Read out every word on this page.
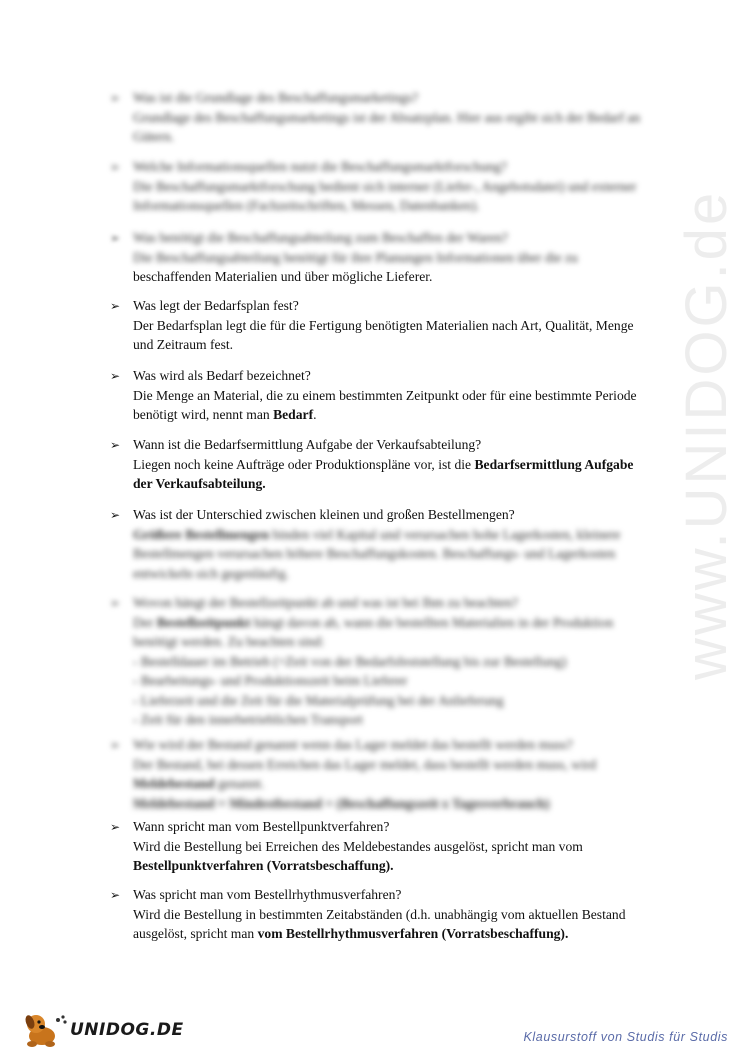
www.UNIDOG.de
➢ Was ist die Grundlage des Beschaffungsmarketings?
Grundlage des Beschaffungsmarketings ist der Absatzplan. Hier aus ergibt sich der Bedarf an Gütern.
➢ Welche Informationsquellen nutzt die Beschaffungsmarktforschung?
Die Beschaffungsmarktforschung bedient sich interner (Liefer-, Angebotsdatei) und externer Informationsquellen (Fachzeitschriften, Messen, Datenbanken).
➢ Was benötigt die Beschaffungsabteilung zum Beschaffen der Waren?
Die Beschaffungsabteilung benötigt für ihre Planungen Informationen über die zu
beschaffenden Materialien und über mögliche Lieferer.
➢ Was legt der Bedarfsplan fest?
Der Bedarfsplan legt die für die Fertigung benötigten Materialien nach Art, Qualität, Menge und Zeitraum fest.
➢ Was wird als Bedarf bezeichnet?
Die Menge an Material, die zu einem bestimmten Zeitpunkt oder für eine bestimmte Periode benötigt wird, nennt man Bedarf.
➢ Wann ist die Bedarfsermittlung Aufgabe der Verkaufsabteilung?
Liegen noch keine Aufträge oder Produktionspläne vor, ist die Bedarfsermittlung Aufgabe der Verkaufsabteilung.
➢ Was ist der Unterschied zwischen kleinen und großen Bestellmengen?
Größere Bestellmengen binden viel Kapital und verursachen hohe Lagerkosten, kleinere Bestellmengen verursachen höhere Beschaffungskosten. Beschaffungs- und Lagerkosten entwickeln sich gegenläufig.
➢ Wovon hängt der Bestellzeitpunkt ab und was ist bei Ihm zu beachten?
Der Bestellzeitpunkt hängt davon ab, wann die bestellten Materialien in der Produktion benötigt werden. Zu beachten sind:
- Bestelldauer im Betrieb (=Zeit von der Bedarfsfeststellung bis zur Bestellung)
- Bearbeitungs- und Produktionszeit beim Lieferer
- Lieferzeit und die Zeit für die Materialprüfung bei der Anlieferung
- Zeit für den innerbetrieblichen Transport
➢ Wie wird der Bestand genannt wenn das Lager meldet das bestellt werden muss?
Der Bestand, bei dessen Erreichen das Lager meldet, dass bestellt werden muss, wird Meldebestand genannt.
Meldebestand = Mindestbestand + (Beschaffungszeit x Tagesverbrauch)
➢ Wann spricht man vom Bestellpunktverfahren?
Wird die Bestellung bei Erreichen des Meldebestandes ausgelöst, spricht man vom Bestellpunktverfahren (Vorratsbeschaffung).
➢ Was spricht man vom Bestellrhythmusverfahren?
Wird die Bestellung in bestimmten Zeitabständen (d.h. unabhängig vom aktuellen Bestand ausgelöst, spricht man vom Bestellrhythmusverfahren (Vorratsbeschaffung).
UNIDOG.DE	Klausurstoff von Studis für Studis
